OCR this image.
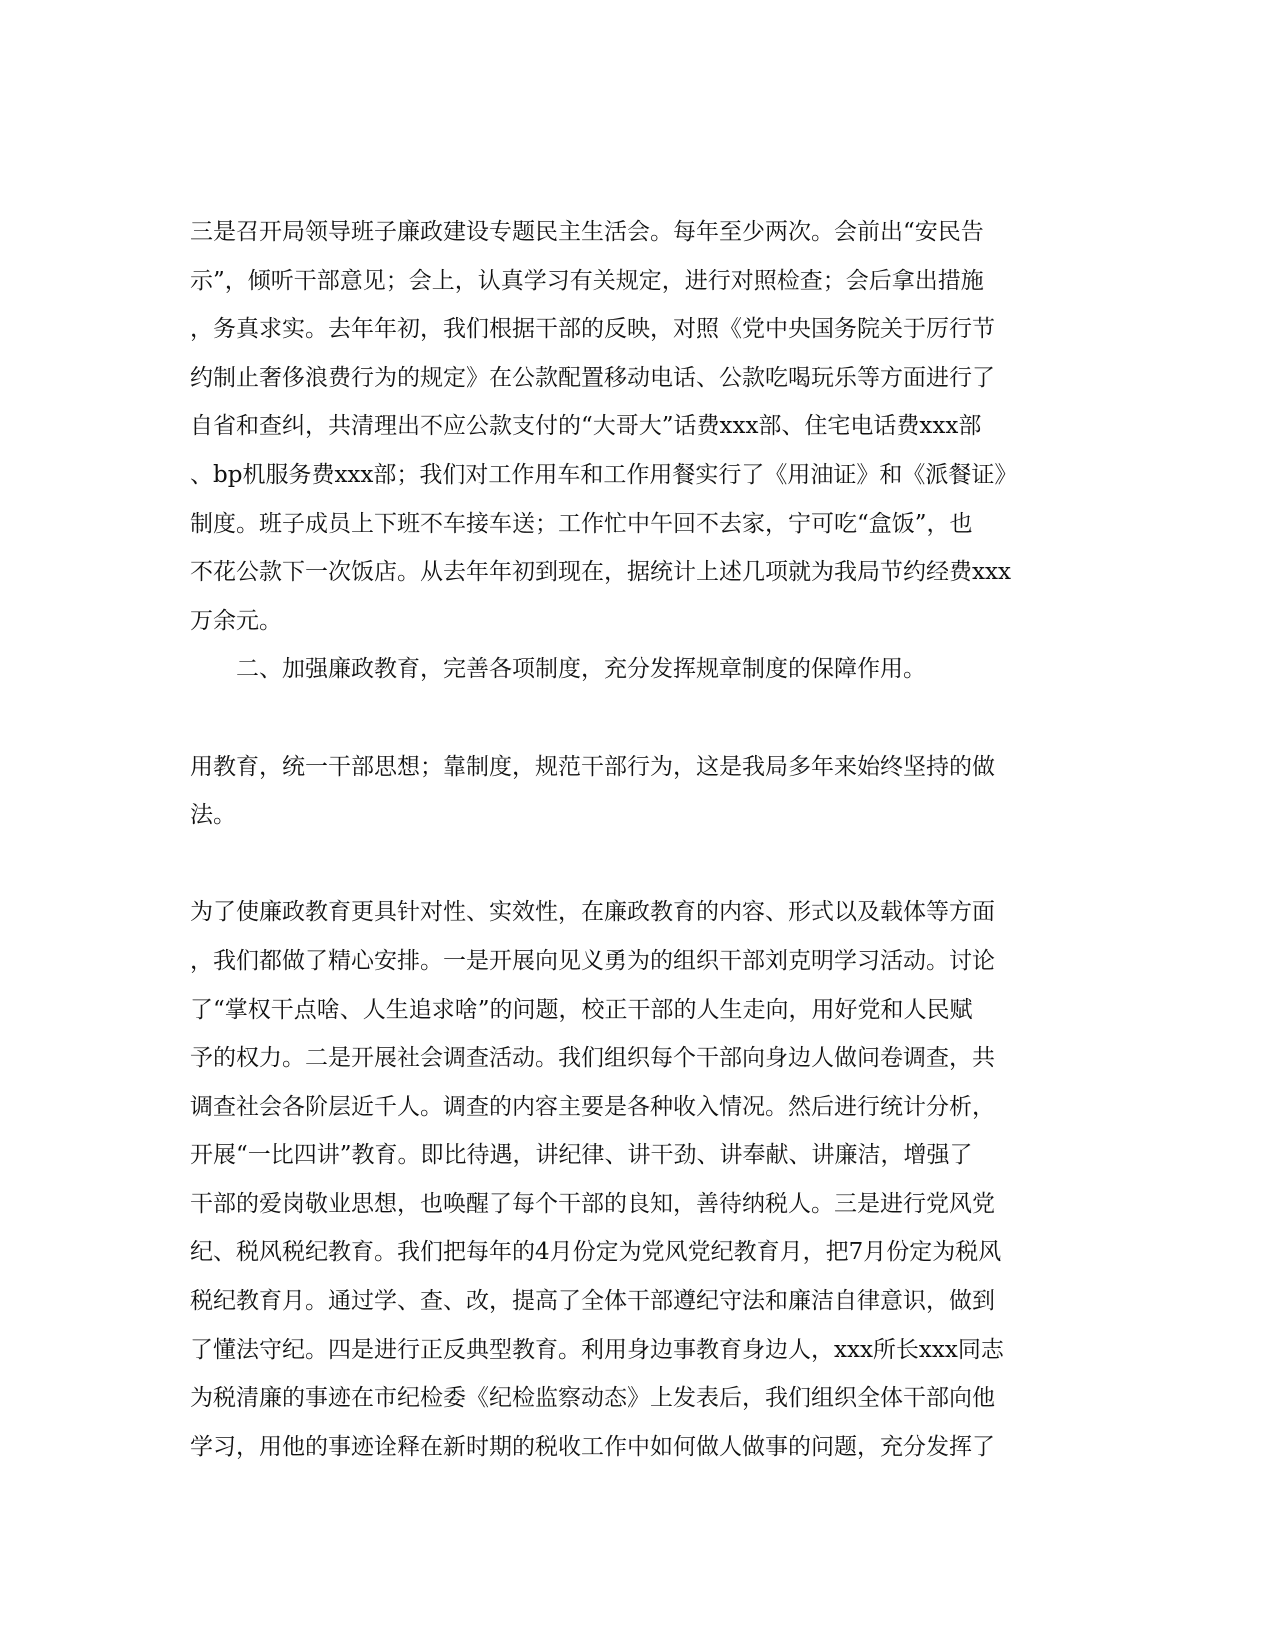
三是召开局领导班子廉政建设专题民主生活会。每年至少两次。会前出“安民告
示”，倾听干部意见；会上，认真学习有关规定，进行对照检查；会后拿出措施
，务真求实。去年年初，我们根据干部的反映，对照《党中央国务院关于厉行节
约制止奢侈浪费行为的规定》在公款配置移动电话、公款吃喝玩乐等方面进行了
自省和查纠，共清理出不应公款支付的“大哥大”话费xxx部、住宅电话费xxx部
、bp机服务费xxx部；我们对工作用车和工作用餐实行了《用油证》和《派餐证》
制度。班子成员上下班不车接车送；工作忙中午回不去家，宁可吃“盒饭”，也
不花公款下一次饭店。从去年年初到现在，据统计上述几项就为我局节约经费xxx
万余元。
二、加强廉政教育，完善各项制度，充分发挥规章制度的保障作用。
用教育，统一干部思想；靠制度，规范干部行为，这是我局多年来始终坚持的做
法。
为了使廉政教育更具针对性、实效性，在廉政教育的内容、形式以及载体等方面
，我们都做了精心安排。一是开展向见义勇为的组织干部刘克明学习活动。讨论
了“掌权干点啥、人生追求啥”的问题，校正干部的人生走向，用好党和人民赋
予的权力。二是开展社会调查活动。我们组织每个干部向身边人做问卷调查，共
调查社会各阶层近千人。调查的内容主要是各种收入情况。然后进行统计分析，
开展“一比四讲”教育。即比待遇，讲纪律、讲干劲、讲奉献、讲廉洁，增强了
干部的爱岗敬业思想，也唤醒了每个干部的良知，善待纳税人。三是进行党风党
纪、税风税纪教育。我们把每年的4月份定为党风党纪教育月，把7月份定为税风
税纪教育月。通过学、查、改，提高了全体干部遵纪守法和廉洁自律意识，做到
了懂法守纪。四是进行正反典型教育。利用身边事教育身边人，xxx所长xxx同志
为税清廉的事迹在市纪检委《纪检监察动态》上发表后，我们组织全体干部向他
学习，用他的事迹诠释在新时期的税收工作中如何做人做事的问题，充分发挥了
